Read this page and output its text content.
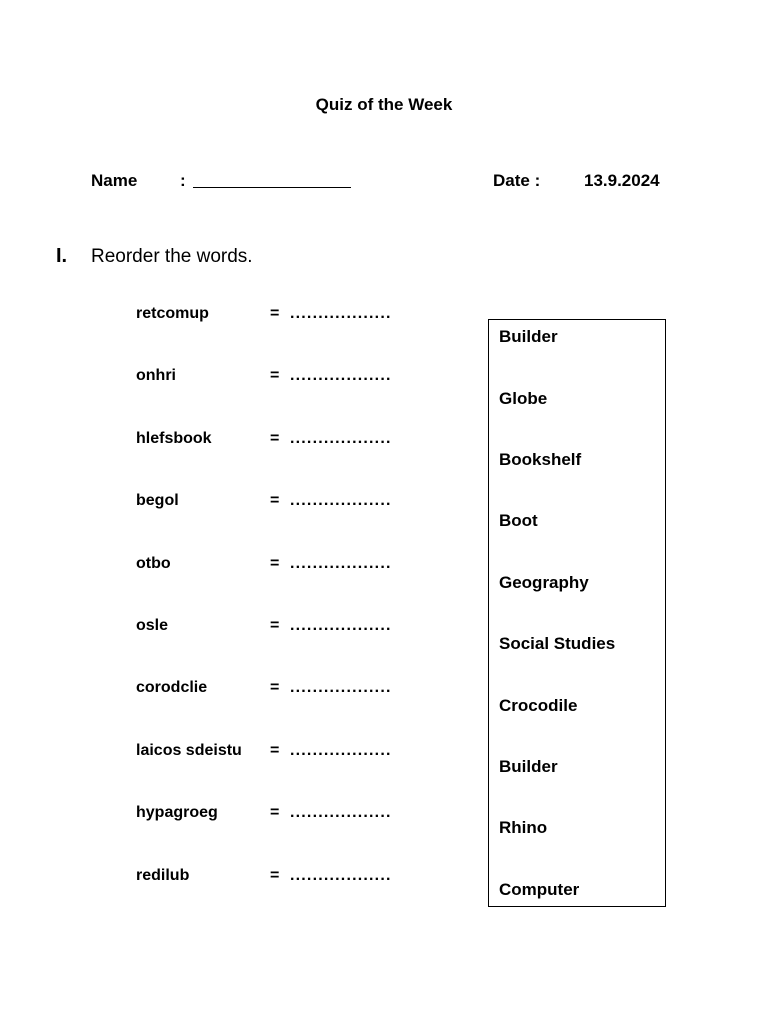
Quiz of the Week
Name	:	Date :	13.9.2024
I. Reorder the words.
retcomup	= ..................
onhri	= ..................
hlefsbook	= ..................
begol	= ..................
otbo	= ..................
osle	= ..................
corodclie	= ..................
laicos sdeistu = ..................
hypagroeg	= ..................
redilub	= ..................
Builder
Globe
Bookshelf
Boot
Geography
Social Studies
Crocodile
Builder
Rhino
Computer
